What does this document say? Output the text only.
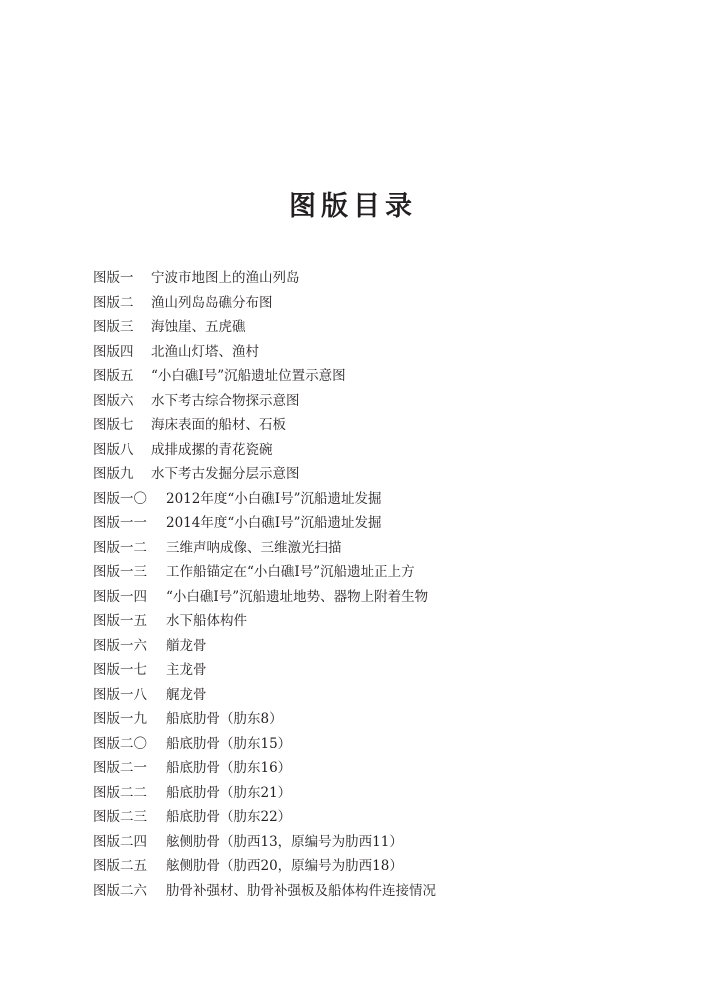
图版目录
图版一	宁波市地图上的渔山列岛
图版二	渔山列岛岛礁分布图
图版三	海蚀崖、五虎礁
图版四	北渔山灯塔、渔村
图版五	“小白礁Ⅰ号”沉船遗址位置示意图
图版六	水下考古综合物探示意图
图版七	海床表面的船材、石板
图版八	成排成摞的青花瓷碗
图版九	水下考古发掘分层示意图
图版一〇	2012年度“小白礁Ⅰ号”沉船遗址发掘
图版一一	2014年度“小白礁Ⅰ号”沉船遗址发掘
图版一二	三维声呐成像、三维激光扫描
图版一三	工作船锚定在“小白礁Ⅰ号”沉船遗址正上方
图版一四	“小白礁Ⅰ号”沉船遗址地势、器物上附着生物
图版一五	水下船体构件
图版一六	艏龙骨
图版一七	主龙骨
图版一八	艉龙骨
图版一九	船底肋骨（肋东8）
图版二〇	船底肋骨（肋东15）
图版二一	船底肋骨（肋东16）
图版二二	船底肋骨（肋东21）
图版二三	船底肋骨（肋东22）
图版二四	舷侧肋骨（肋西13，原编号为肋西11）
图版二五	舷侧肋骨（肋西20，原编号为肋西18）
图版二六	肋骨补强材、肋骨补强板及船体构件连接情况
